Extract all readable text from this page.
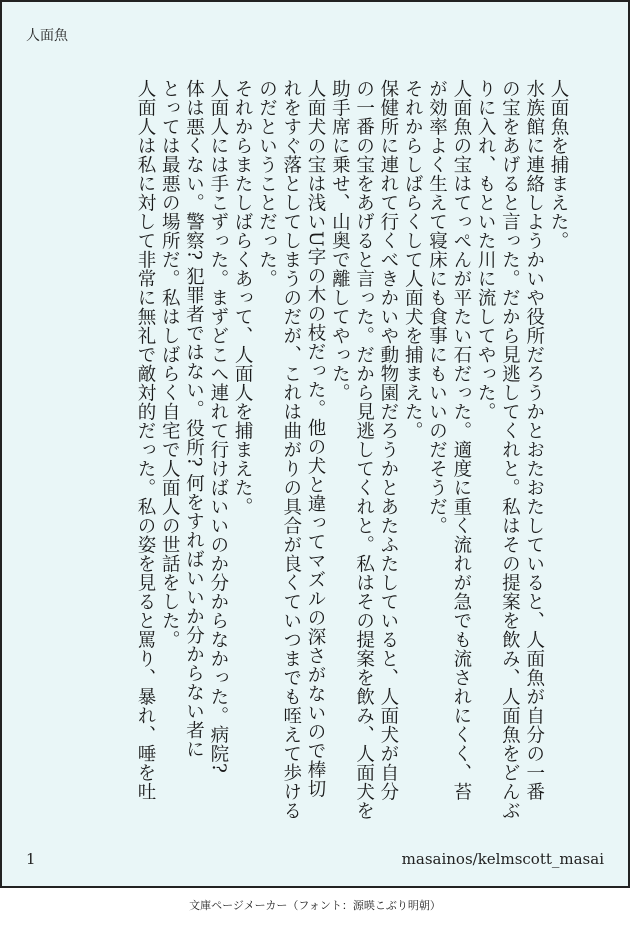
人面魚

人面魚を捕まえた。

水族館に連絡しようかいや役所だろうかとおたおたしていると、人面魚が自分の一番

の宝をあげると言った。だから見逃してくれと。私はその提案を飲み、人面魚をどんぶ

りに入れ、もといた川に流してやった。

人面魚の宝はてっぺんが平たい石だった。適度に重く流れが急でも流されにくく、苔

が効率よく生えて寝床にも食事にもいいのだそうだ。

それからしばらくして人面犬を捕まえた。

保健所に連れて行くべきかいや動物園だろうかとあたふたしていると、人面犬が自分

の一番の宝をあげると言った。だから見逃してくれと。私はその提案を飲み、人面犬を

助手席に乗せ、山奥で離してやった。

人面犬の宝は浅いU字の木の枝だった。他の犬と違ってマズルの深さがないので棒切

れをすぐ落としてしまうのだが、これは曲がりの具合が良くていつまでも咥えて歩ける

のだということだった。

それからまたしばらくあって、人面人を捕まえた。

人面人には手こずった。まずどこへ連れて行けばいいのか分からなかった。病院?

体は悪くない。警察? 犯罪者ではない。役所? 何をすればいいか分からない者に

とっては最悪の場所だ。私はしばらく自宅で人面人の世話をした。

人面人は私に対して非常に無礼で敵対的だった。私の姿を見ると罵り、暴れ、唾を吐

1	masainos/kelmscott_masai
文庫ページメーカー（フォント：源暎こぶり明朝）
